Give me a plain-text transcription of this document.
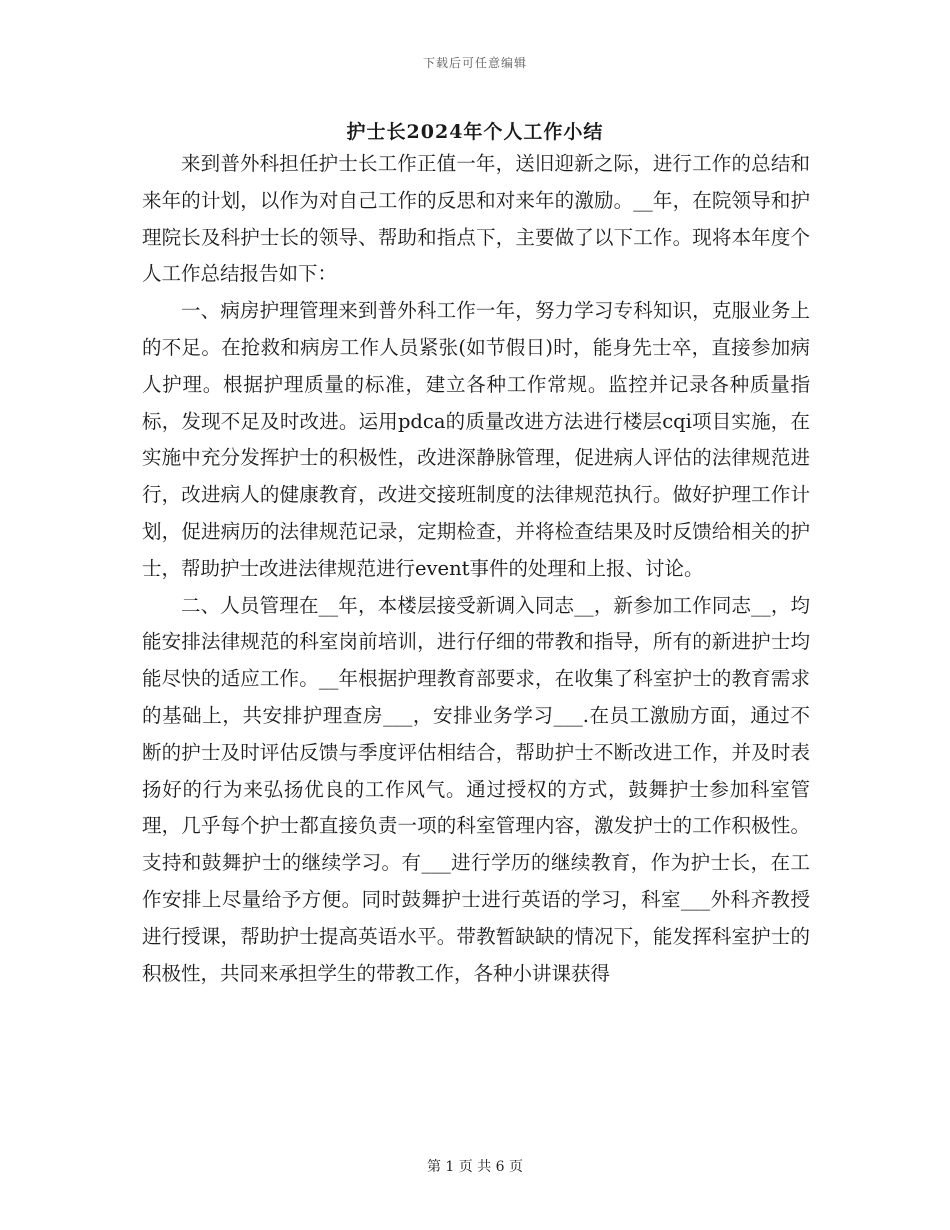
下载后可任意编辑
护士长2024年个人工作小结

来到普外科担任护士长工作正值一年，送旧迎新之际，进行工作的总结和来年的计划，以作为对自己工作的反思和对来年的激励。__年，在院领导和护理院长及科护士长的领导、帮助和指点下，主要做了以下工作。现将本年度个人工作总结报告如下：

一、病房护理管理来到普外科工作一年，努力学习专科知识，克服业务上的不足。在抢救和病房工作人员紧张(如节假日)时，能身先士卒，直接参加病人护理。根据护理质量的标准，建立各种工作常规。监控并记录各种质量指标，发现不足及时改进。运用pdca的质量改进方法进行楼层cqi项目实施，在实施中充分发挥护士的积极性，改进深静脉管理，促进病人评估的法律规范进行，改进病人的健康教育，改进交接班制度的法律规范执行。做好护理工作计划，促进病历的法律规范记录，定期检查，并将检查结果及时反馈给相关的护士，帮助护士改进法律规范进行event事件的处理和上报、讨论。

二、人员管理在__年，本楼层接受新调入同志__，新参加工作同志__，均能安排法律规范的科室岗前培训，进行仔细的带教和指导，所有的新进护士均能尽快的适应工作。__年根据护理教育部要求，在收集了科室护士的教育需求的基础上，共安排护理查房___，安排业务学习___.在员工激励方面，通过不断的护士及时评估反馈与季度评估相结合，帮助护士不断改进工作，并及时表扬好的行为来弘扬优良的工作风气。通过授权的方式，鼓舞护士参加科室管理，几乎每个护士都直接负责一项的科室管理内容，激发护士的工作积极性。支持和鼓舞护士的继续学习。有___进行学历的继续教育，作为护士长，在工作安排上尽量给予方便。同时鼓舞护士进行英语的学习，科室___外科齐教授进行授课，帮助护士提高英语水平。带教暂缺缺的情况下，能发挥科室护士的积极性，共同来承担学生的带教工作，各种小讲课获得

第 1 页 共 6 页
